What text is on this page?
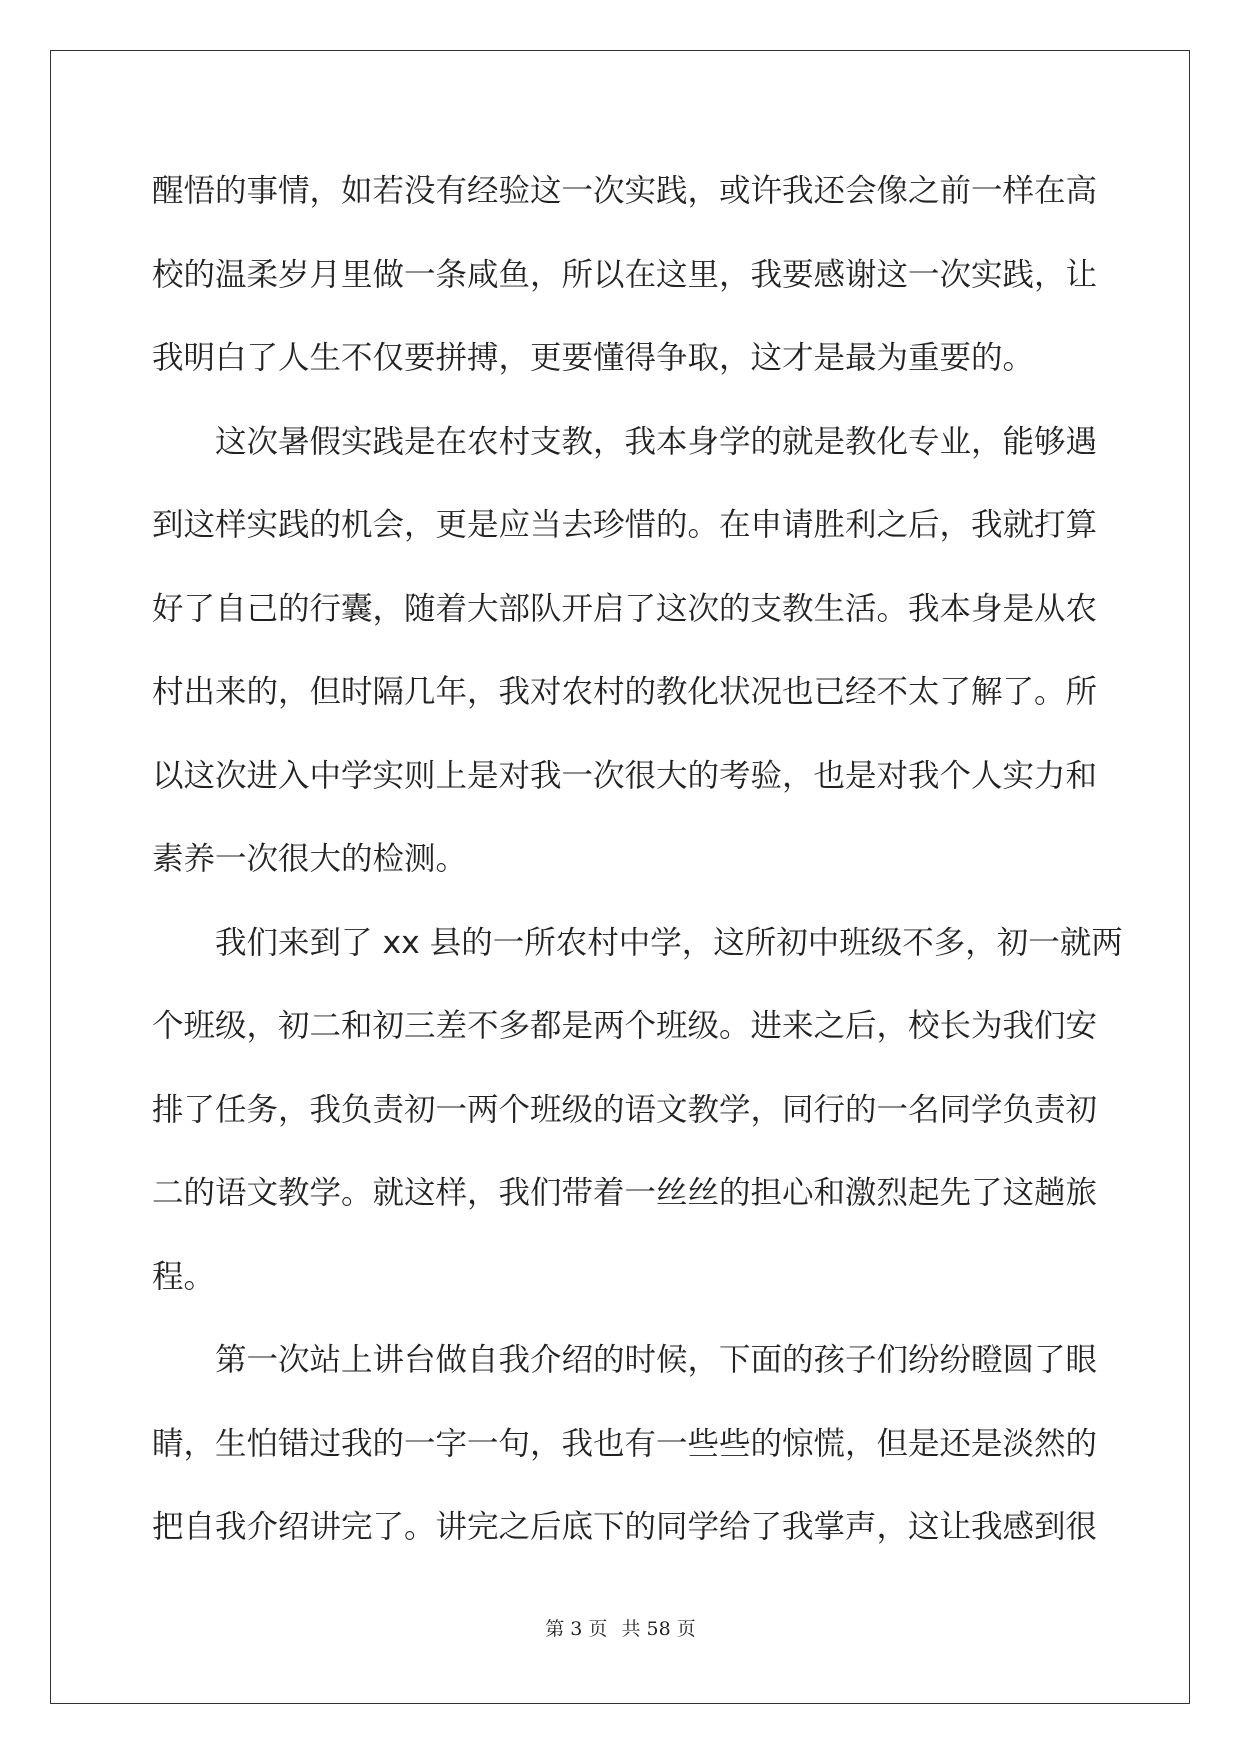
醒悟的事情，如若没有经验这一次实践，或许我还会像之前一样在高
校的温柔岁月里做一条咸鱼，所以在这里，我要感谢这一次实践，让
我明白了人生不仅要拼搏，更要懂得争取，这才是最为重要的。
这次暑假实践是在农村支教，我本身学的就是教化专业，能够遇
到这样实践的机会，更是应当去珍惜的。在申请胜利之后，我就打算
好了自己的行囊，随着大部队开启了这次的支教生活。我本身是从农
村出来的，但时隔几年，我对农村的教化状况也已经不太了解了。所
以这次进入中学实则上是对我一次很大的考验，也是对我个人实力和
素养一次很大的检测。
我们来到了 xx 县的一所农村中学，这所初中班级不多，初一就两
个班级，初二和初三差不多都是两个班级。进来之后，校长为我们安
排了任务，我负责初一两个班级的语文教学，同行的一名同学负责初
二的语文教学。就这样，我们带着一丝丝的担心和激烈起先了这趟旅
程。
第一次站上讲台做自我介绍的时候，下面的孩子们纷纷瞪圆了眼
睛，生怕错过我的一字一句，我也有一些些的惊慌，但是还是淡然的
把自我介绍讲完了。讲完之后底下的同学给了我掌声，这让我感到很
第 3 页 共 58 页
